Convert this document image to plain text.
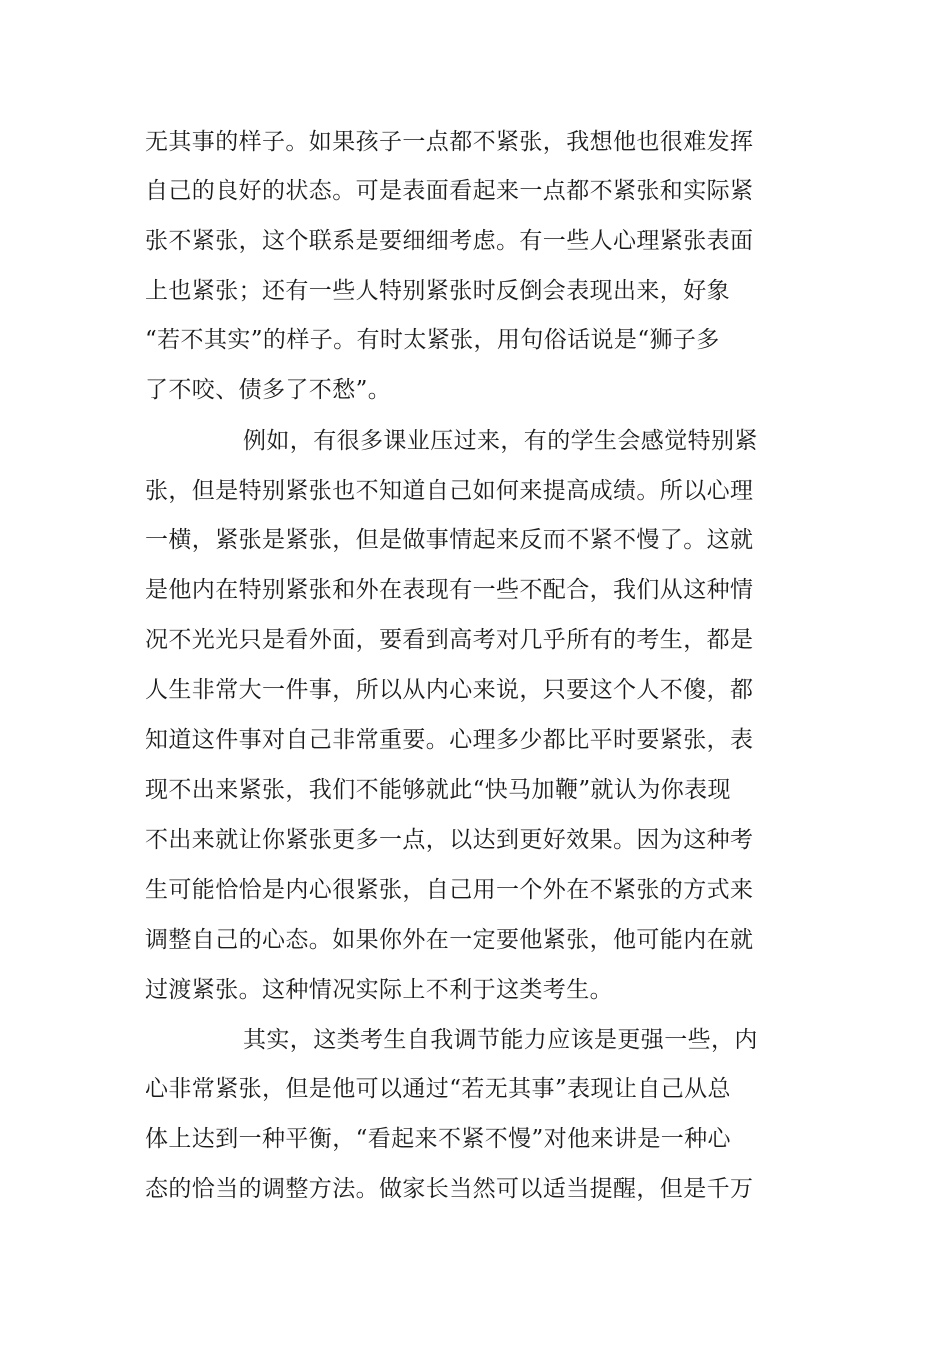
无其事的样子。如果孩子一点都不紧张，我想他也很难发挥
自己的良好的状态。可是表面看起来一点都不紧张和实际紧
张不紧张，这个联系是要细细考虑。有一些人心理紧张表面
上也紧张；还有一些人特别紧张时反倒会表现出来，好象
“若不其实”的样子。有时太紧张，用句俗话说是“狮子多
了不咬、债多了不愁”。
例如，有很多课业压过来，有的学生会感觉特别紧
张，但是特别紧张也不知道自己如何来提高成绩。所以心理
一横，紧张是紧张，但是做事情起来反而不紧不慢了。这就
是他内在特别紧张和外在表现有一些不配合，我们从这种情
况不光光只是看外面，要看到高考对几乎所有的考生，都是
人生非常大一件事，所以从内心来说，只要这个人不傻，都
知道这件事对自己非常重要。心理多少都比平时要紧张，表
现不出来紧张，我们不能够就此“快马加鞭”就认为你表现
不出来就让你紧张更多一点，以达到更好效果。因为这种考
生可能恰恰是内心很紧张，自己用一个外在不紧张的方式来
调整自己的心态。如果你外在一定要他紧张，他可能内在就
过渡紧张。这种情况实际上不利于这类考生。
其实，这类考生自我调节能力应该是更强一些，内
心非常紧张，但是他可以通过“若无其事”表现让自己从总
体上达到一种平衡，“看起来不紧不慢”对他来讲是一种心
态的恰当的调整方法。做家长当然可以适当提醒，但是千万
